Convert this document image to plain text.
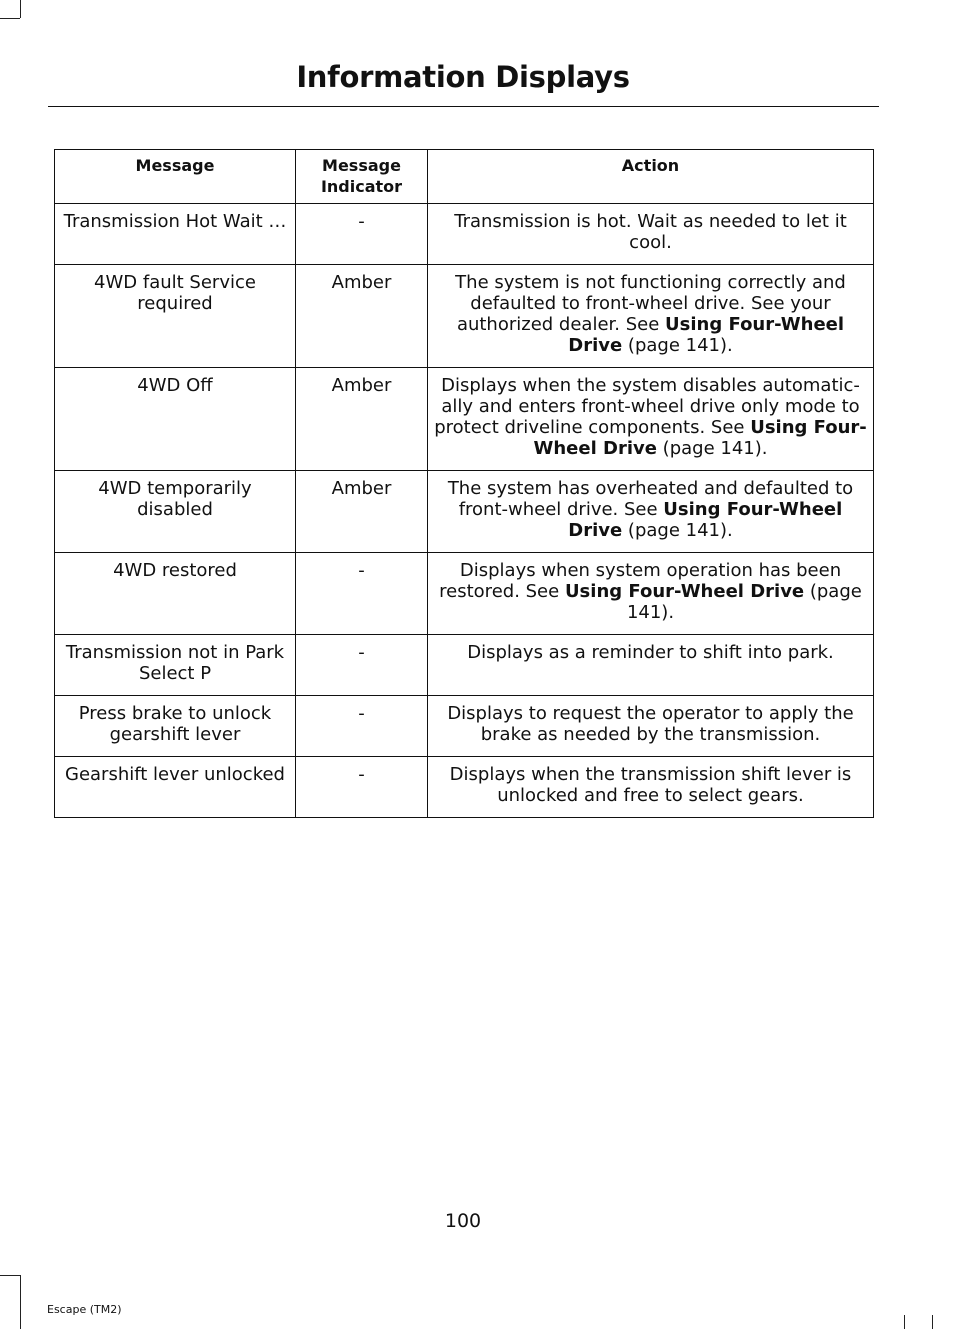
Information Displays
Message	Message Indicator	Action
Transmission Hot Wait …	-	Transmission is hot. Wait as needed to let it cool.
4WD fault Service required	Amber	The system is not functioning correctly and defaulted to front-wheel drive. See your authorized dealer. See Using Four-Wheel Drive (page 141).
4WD Off	Amber	Displays when the system disables automatic-ally and enters front-wheel drive only mode to protect driveline components. See Using Four-Wheel Drive (page 141).
4WD temporarily disabled	Amber	The system has overheated and defaulted to front-wheel drive. See Using Four-Wheel Drive (page 141).
4WD restored	-	Displays when system operation has been restored. See Using Four-Wheel Drive (page 141).
Transmission not in Park Select P	-	Displays as a reminder to shift into park.
Press brake to unlock gearshift lever	-	Displays to request the operator to apply the brake as needed by the transmission.
Gearshift lever unlocked	-	Displays when the transmission shift lever is unlocked and free to select gears.
100
Escape (TM2)
